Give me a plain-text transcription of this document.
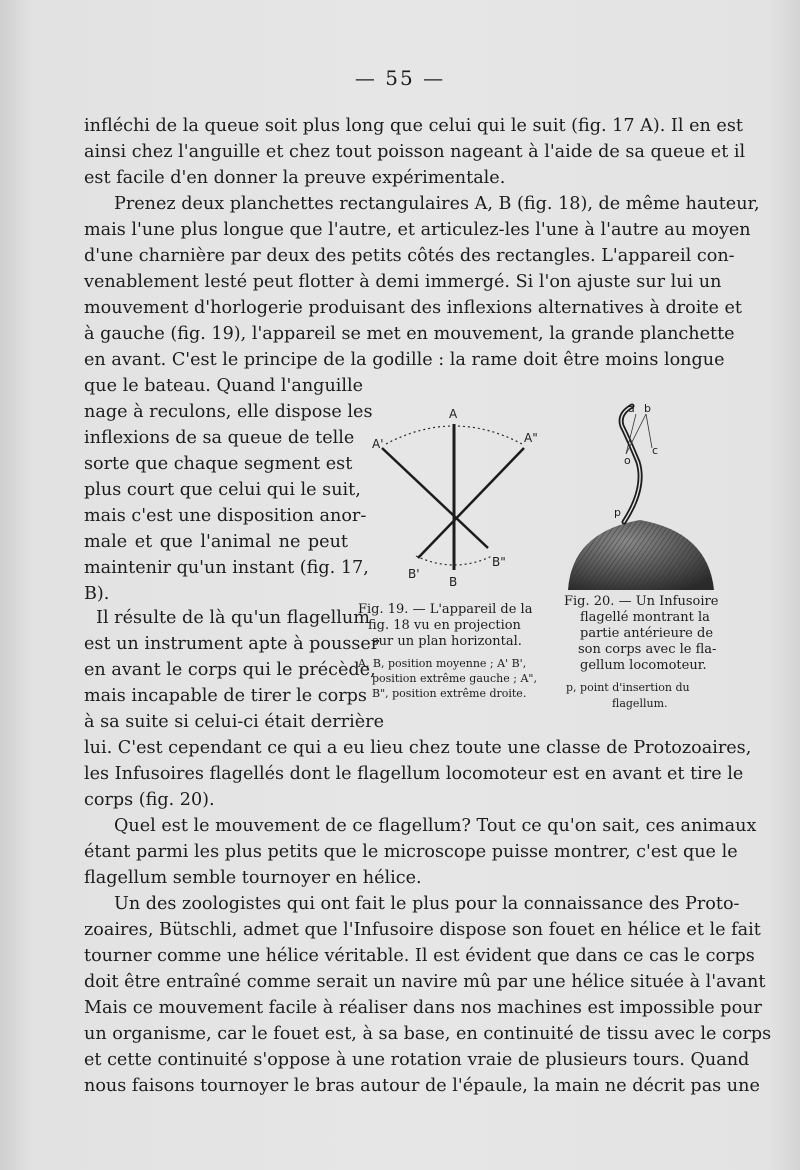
— 55 —
infléchi de la queue soit plus long que celui qui le suit (fig. 17 A). Il en est
ainsi chez l'anguille et chez tout poisson nageant à l'aide de sa queue et il
est facile d'en donner la preuve expérimentale.
Prenez deux planchettes rectangulaires A, B (fig. 18), de même hauteur,
mais l'une plus longue que l'autre, et articulez-les l'une à l'autre au moyen
d'une charnière par deux des petits côtés des rectangles. L'appareil con-
venablement lesté peut flotter à demi immergé. Si l'on ajuste sur lui un
mouvement d'horlogerie produisant des inflexions alternatives à droite et
à gauche (fig. 19), l'appareil se met en mouvement, la grande planchette
en avant. C'est le principe de la godille : la rame doit être moins longue
que le bateau. Quand l'anguille
nage à reculons, elle dispose les
inflexions de sa queue de telle
sorte que chaque segment est
plus court que celui qui le suit,
mais c'est une disposition anor-
male et que l'animal ne peut
maintenir qu'un instant (fig. 17,
B).
Il résulte de là qu'un flagellum
est un instrument apte à pousser
en avant le corps qui le précède,
mais incapable de tirer le corps
à sa suite si celui-ci était derrière
A
A'	A"
B
B'
B"
Fig. 19. — L'appareil de la
fig. 18 vu en projection
sur un plan horizontal.
A, B, position moyenne ; A' B',
position extrême gauche ; A",
B", position extrême droite.
a b
c
o
p
Fig. 20. — Un Infusoire
flagellé montrant la
partie antérieure de
son corps avec le fla-
gellum locomoteur.
p, point d'insertion du
flagellum.
lui. C'est cependant ce qui a eu lieu chez toute une classe de Protozoaires,
les Infusoires flagellés dont le flagellum locomoteur est en avant et tire le
corps (fig. 20).
Quel est le mouvement de ce flagellum? Tout ce qu'on sait, ces animaux
étant parmi les plus petits que le microscope puisse montrer, c'est que le
flagellum semble tournoyer en hélice.
Un des zoologistes qui ont fait le plus pour la connaissance des Proto-
zoaires, Bütschli, admet que l'Infusoire dispose son fouet en hélice et le fait
tourner comme une hélice véritable. Il est évident que dans ce cas le corps
doit être entraîné comme serait un navire mû par une hélice située à l'avant
Mais ce mouvement facile à réaliser dans nos machines est impossible pour
un organisme, car le fouet est, à sa base, en continuité de tissu avec le corps
et cette continuité s'oppose à une rotation vraie de plusieurs tours. Quand
nous faisons tournoyer le bras autour de l'épaule, la main ne décrit pas une
